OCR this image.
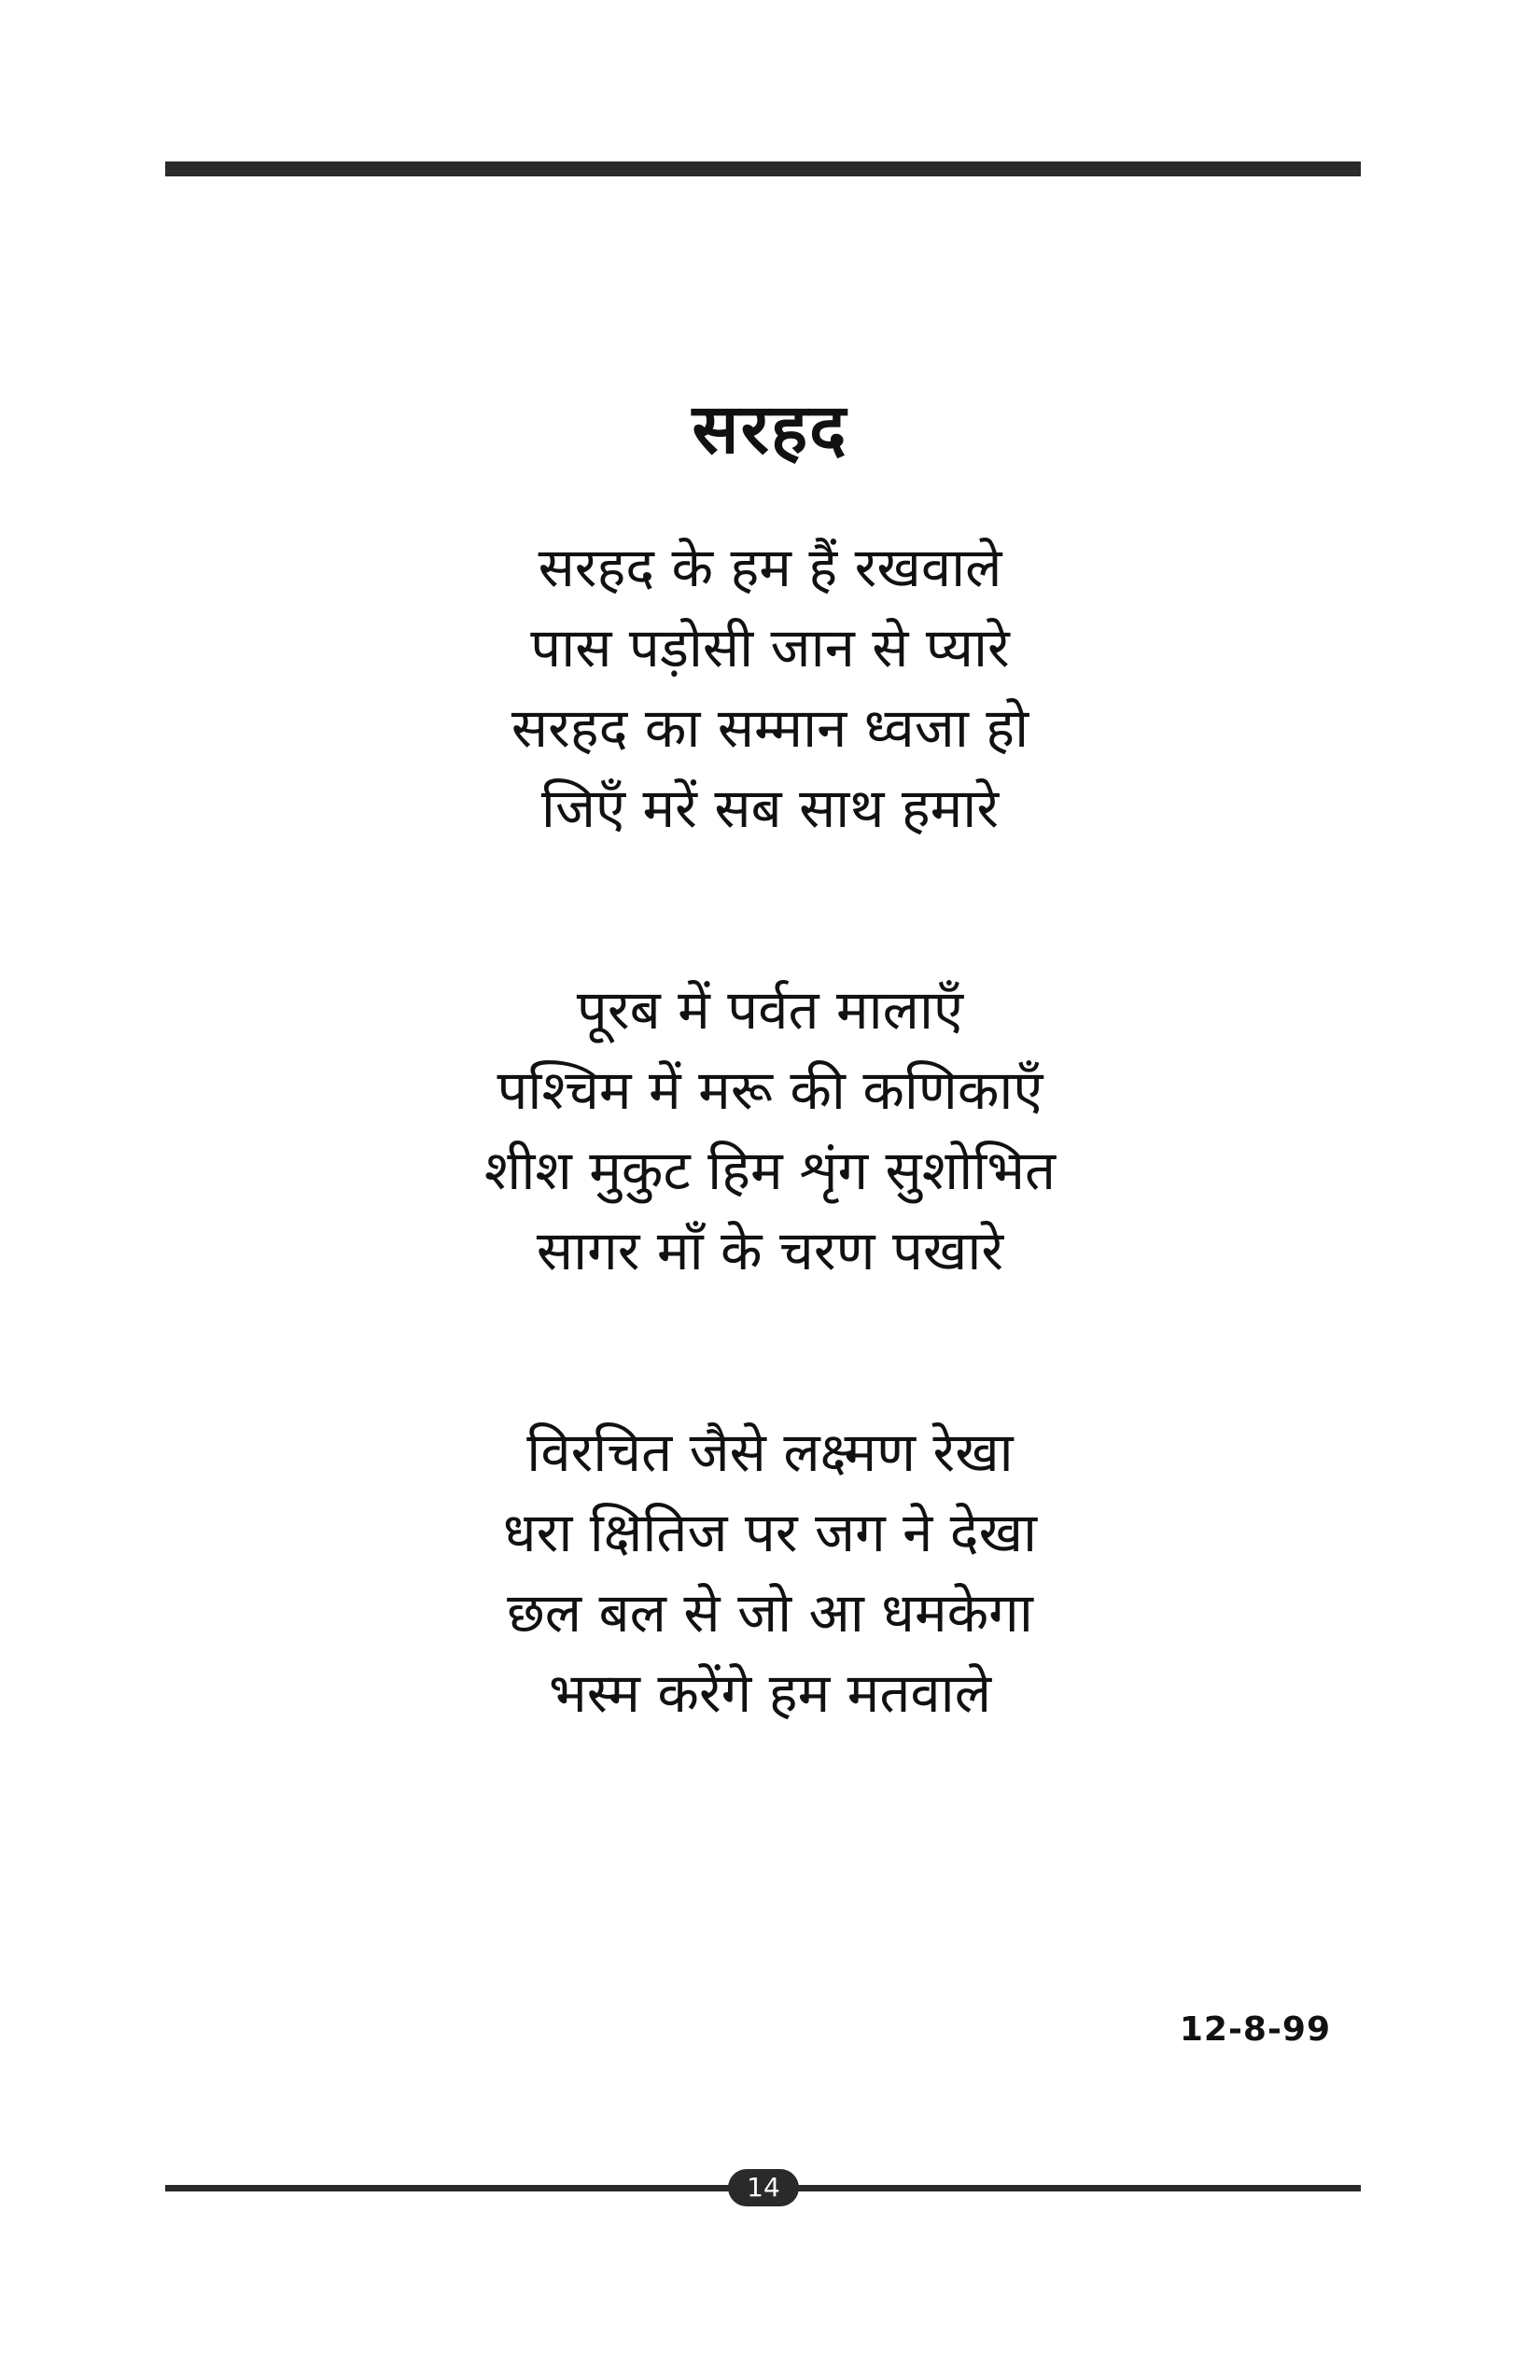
सरहद
सरहद के हम हैं रखवाले
पास पड़ोसी जान से प्यारे
सरहद का सम्मान ध्वजा हो
जिएँ मरें सब साथ हमारे
पूरब में पर्वत मालाएँ
पश्चिम में मरू की कणिकाएँ
शीश मुकुट हिम शृंग सुशोभित
सागर माँ के चरण पखारे
विरचित जैसे लक्ष्मण रेखा
धरा क्षितिज पर जग ने देखा
छल बल से जो आ धमकेगा
भस्म करेंगे हम मतवाले
12-8-99
14
